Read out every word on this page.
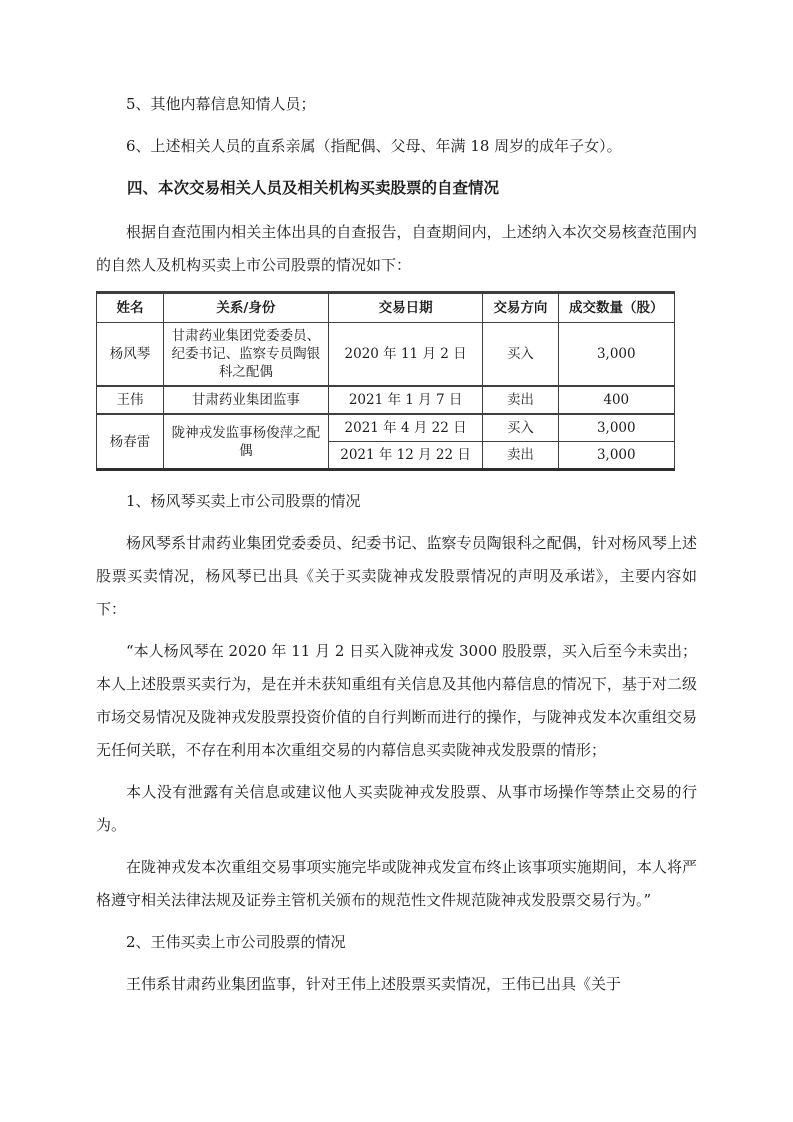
5、其他内幕信息知情人员；

6、上述相关人员的直系亲属（指配偶、父母、年满 18 周岁的成年子女）。

四、本次交易相关人员及相关机构买卖股票的自查情况

根据自查范围内相关主体出具的自查报告，自查期间内，上述纳入本次交易核查范围内的自然人及机构买卖上市公司股票的情况如下：

姓名	关系/身份	交易日期	交易方向	成交数量（股）
杨风琴	甘肃药业集团党委委员、纪委书记、监察专员陶银科之配偶	2020 年 11 月 2 日	买入	3,000
王伟	甘肃药业集团监事	2021 年 1 月 7 日	卖出	400
杨春雷	陇神戎发监事杨俊萍之配偶	2021 年 4 月 22 日	买入	3,000
		2021 年 12 月 22 日	卖出	3,000

1、杨风琴买卖上市公司股票的情况

杨风琴系甘肃药业集团党委委员、纪委书记、监察专员陶银科之配偶，针对杨风琴上述股票买卖情况，杨风琴已出具《关于买卖陇神戎发股票情况的声明及承诺》，主要内容如下：

“本人杨风琴在 2020 年 11 月 2 日买入陇神戎发 3000 股股票，买入后至今未卖出；本人上述股票买卖行为，是在并未获知重组有关信息及其他内幕信息的情况下，基于对二级市场交易情况及陇神戎发股票投资价值的自行判断而进行的操作，与陇神戎发本次重组交易无任何关联，不存在利用本次重组交易的内幕信息买卖陇神戎发股票的情形；

本人没有泄露有关信息或建议他人买卖陇神戎发股票、从事市场操作等禁止交易的行为。

在陇神戎发本次重组交易事项实施完毕或陇神戎发宣布终止该事项实施期间，本人将严格遵守相关法律法规及证券主管机关颁布的规范性文件规范陇神戎发股票交易行为。”

2、王伟买卖上市公司股票的情况

王伟系甘肃药业集团监事，针对王伟上述股票买卖情况，王伟已出具《关于
